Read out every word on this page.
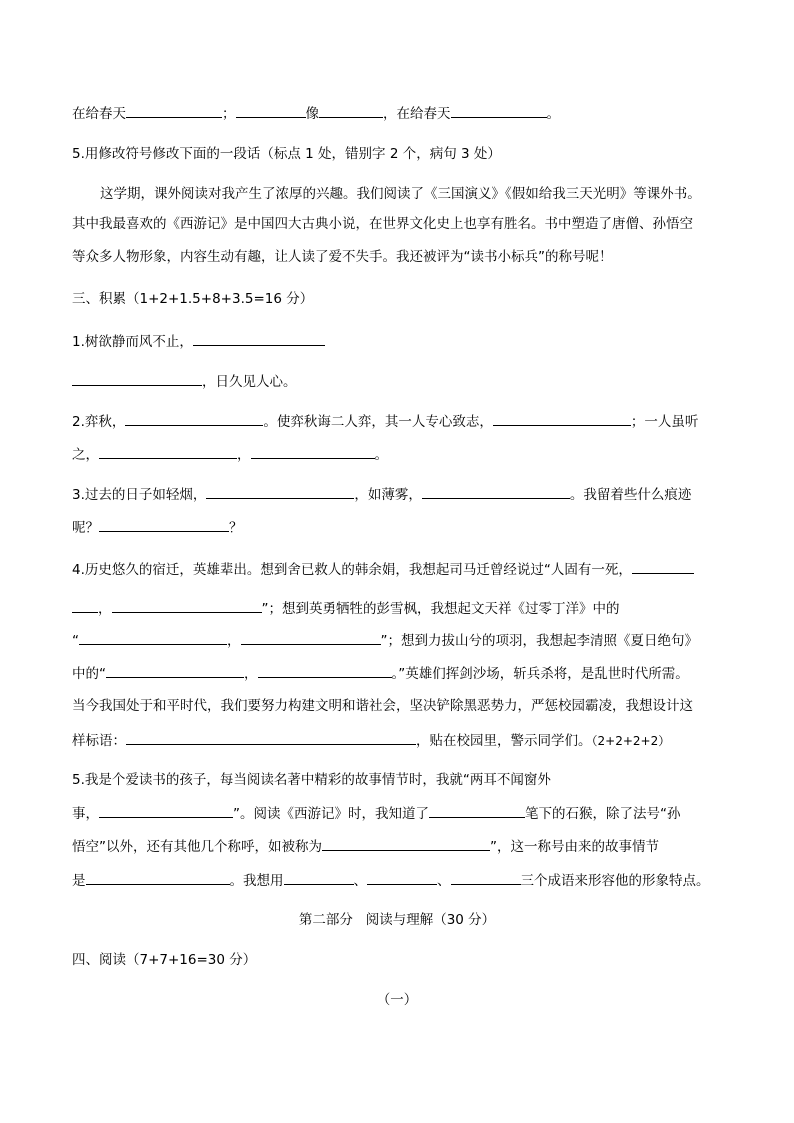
在给春天	；	像	，在给春天	。
5.用修改符号修改下面的一段话（标点 1 处，错别字 2 个，病句 3 处）
这学期，课外阅读对我产生了浓厚的兴趣。我们阅读了《三国演义》《假如给我三天光明》等课外书。
其中我最喜欢的《西游记》是中国四大古典小说，在世界文化史上也享有胜名。书中塑造了唐僧、孙悟空
等众多人物形象，内容生动有趣，让人读了爱不失手。我还被评为“读书小标兵”的称号呢！
三、积累（1+2+1.5+8+3.5=16 分）
1.树欲静而风不止，
，日久见人心。
2.弈秋，	。使弈秋诲二人弈，其一人专心致志，	；一人虽听
之，	，	。
3.过去的日子如轻烟，	，如薄雾，	。我留着些什么痕迹
呢？	？
4.历史悠久的宿迁，英雄辈出。想到舍已救人的韩余娟，我想起司马迁曾经说过“人固有一死，
，	”；想到英勇牺牲的彭雪枫，我想起文天祥《过零丁洋》中的
“	，	”；想到力拔山兮的项羽，我想起李清照《夏日绝句》
中的“	，	。”英雄们挥剑沙场，斩兵杀将，是乱世时代所需。
当今我国处于和平时代，我们要努力构建文明和谐社会，坚决铲除黑恶势力，严惩校园霸凌，我想设计这
样标语：	，贴在校园里，警示同学们。（2+2+2+2）
5.我是个爱读书的孩子，每当阅读名著中精彩的故事情节时，我就“两耳不闻窗外
事，	”。阅读《西游记》时，我知道了	笔下的石猴，除了法号“孙
悟空”以外，还有其他几个称呼，如被称为	”，这一称号由来的故事情节
是	。我想用	、	、	三个成语来形容他的形象特点。
第二部分   阅读与理解（30 分）
四、阅读（7+7+16=30 分）
（一）
